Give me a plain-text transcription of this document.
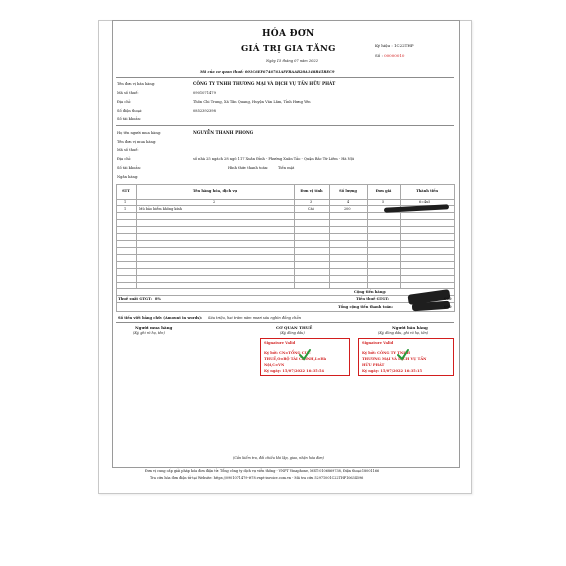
HÓA ĐƠN
GIÁ TRỊ GIA TĂNG
Ngày 15 tháng 07 năm 2022
Ký hiệu : 1C22THP
Số : 00000010
Mã của cơ quan thuế: 001C6EF6746761AFFBAAB28A148B45BEC9
Tên đơn vị bán hàng:	CÔNG TY TNHH THƯƠNG MẠI VÀ DỊCH VỤ TẤN HỮU PHÁT
Mã số thuế:	0901071479
Địa chỉ:	Thôn Chi Trung, Xã Tân Quang, Huyện Văn Lâm, Tỉnh Hưng Yên
Số điện thoại:	0852392398
Số tài khoản:
Họ tên người mua hàng:	NGUYỄN THANH PHONG
Tên đơn vị mua hàng:
Mã số thuế:
Địa chỉ:	số nhà 25 ngách 28 ngõ 117 Xuân Đỉnh - Phường Xuân Tảo - Quận Bắc Từ Liêm - Hà Nội
Số tài khoản:	Hình thức thanh toán:	Tiền mặt
Ngân hàng:
STT	Tên hàng hóa, dịch vụ	Đơn vị tính	Số lượng	Đơn giá	Thành tiền
1	2	3	4	5	6=4x5
1	Mũ bảo hiểm không kính	Cái	200
Cộng tiền hàng:
Thuế suất GTGT: 8%	Tiền thuế GTGT:	000
Tổng cộng tiền thanh toán:	000
Số tiền viết bằng chữ: (Amount in words): Sáu triệu, hai trăm năm mươi sáu nghìn đồng chẵn
Người mua hàng
(Ký, ghi rõ họ, tên)
CƠ QUAN THUẾ
(Ký, đóng dấu)
Người bán hàng
(Ký, đóng dấu, ghi rõ họ, tên)
Signature Valid
Ký bởi: CN=TỔNG CỤC
THUẾ,O=BỘ TÀI CHÍNH,L=Hà
Nội,C=VN
Ký ngày: 15/07/2022 16:35:54
Signature Valid
Ký bởi: CÔNG TY TNHH
THƯƠNG MẠI VÀ DỊCH VỤ TẤN
HỮU PHÁT
Ký ngày: 15/07/2022 16:35:15
(Cần kiểm tra, đối chiếu khi lập, giao, nhận hóa đơn)
Đơn vị cung cấp giải pháp hóa đơn điện tử: Tổng công ty dịch vụ viễn thông - VNPT Vinaphone, MST:0106869738, Điện thoại:18001166
Tra cứu hóa đơn điện tử tại Website: https://0901071479-tt78.vnpt-invoice.com.vn - Mã tra cứu 52971001C22THP10634596
